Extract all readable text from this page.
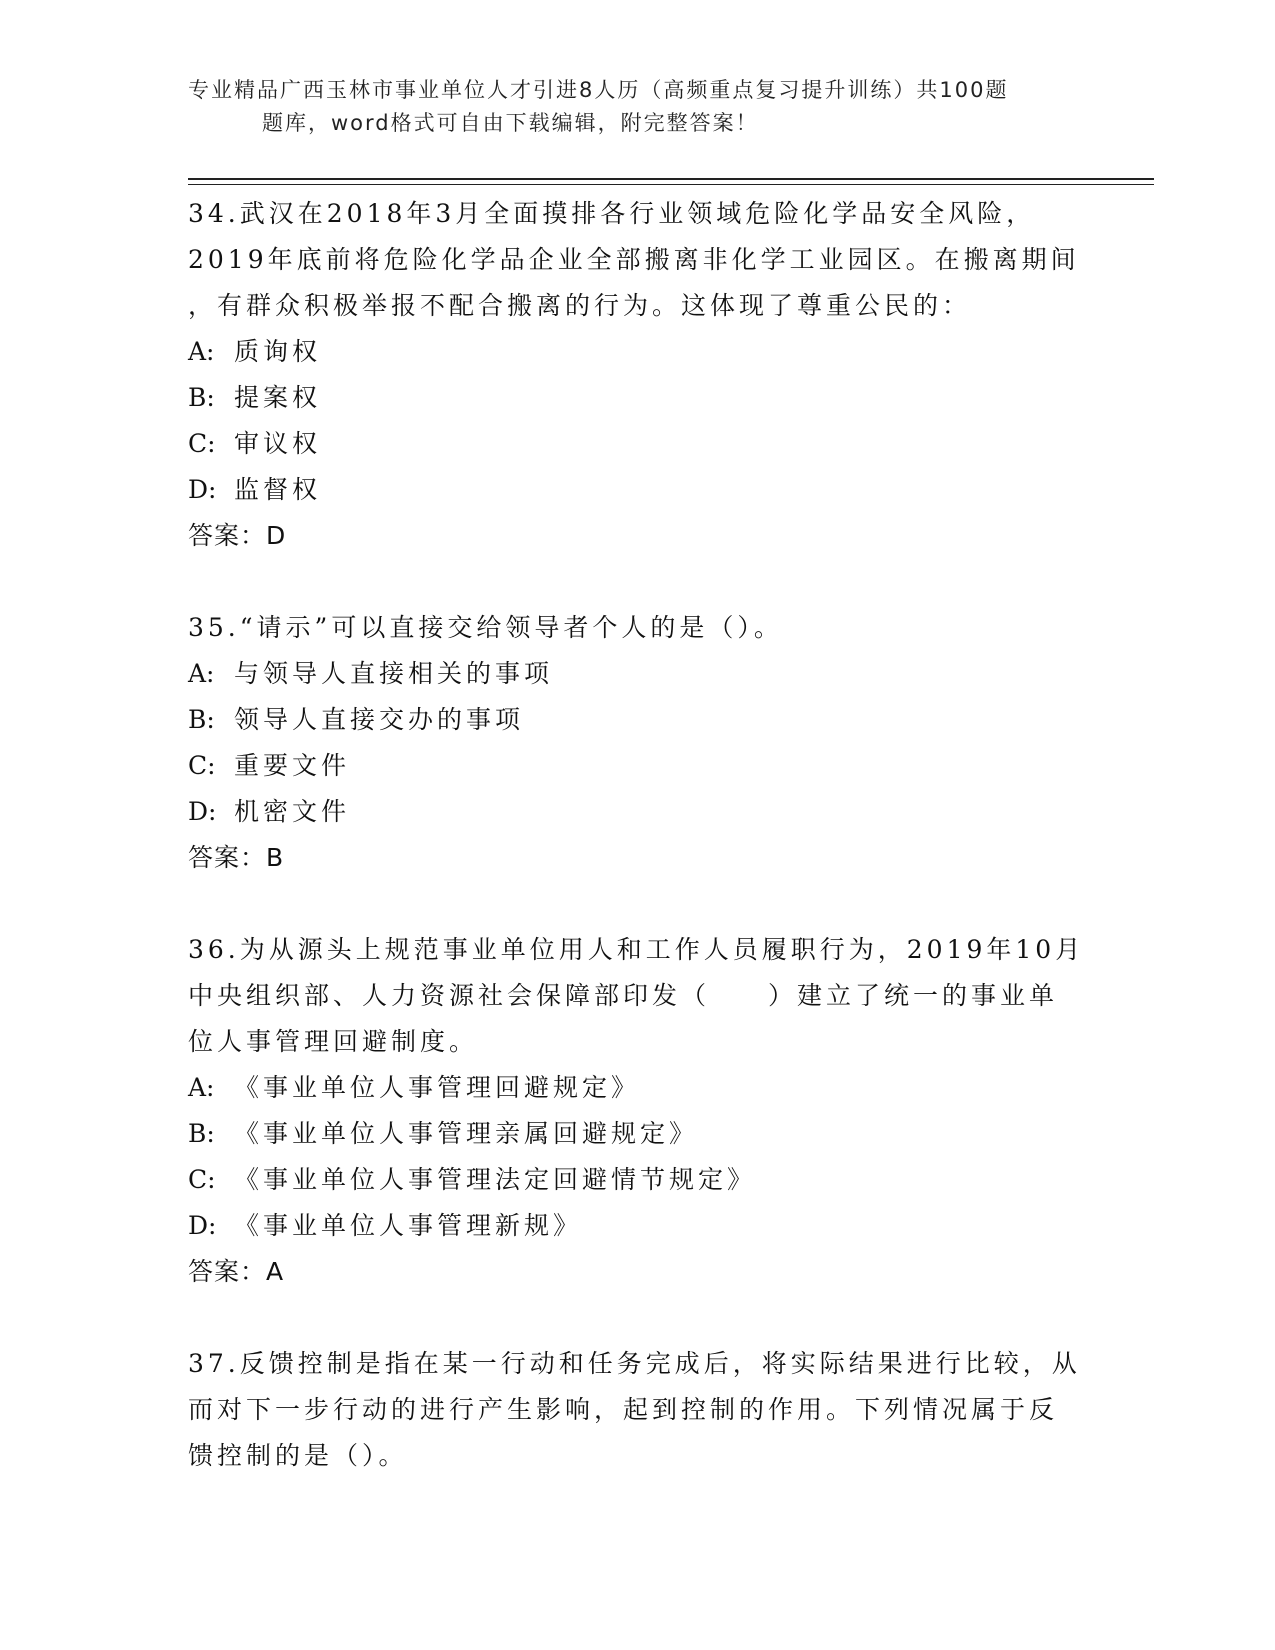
专业精品广西玉林市事业单位人才引进8人历（高频重点复习提升训练）共100题
题库，word格式可自由下载编辑，附完整答案！
34.武汉在2018年3月全面摸排各行业领域危险化学品安全风险，
2019年底前将危险化学品企业全部搬离非化学工业园区。在搬离期间
，有群众积极举报不配合搬离的行为。这体现了尊重公民的：
A: 质询权
B: 提案权
C: 审议权
D: 监督权
答案：D
35.“请示”可以直接交给领导者个人的是（）。
A: 与领导人直接相关的事项
B: 领导人直接交办的事项
C: 重要文件
D: 机密文件
答案：B
36.为从源头上规范事业单位用人和工作人员履职行为，2019年10月
中央组织部、人力资源社会保障部印发（　　）建立了统一的事业单
位人事管理回避制度。
A: 《事业单位人事管理回避规定》
B: 《事业单位人事管理亲属回避规定》
C: 《事业单位人事管理法定回避情节规定》
D: 《事业单位人事管理新规》
答案：A
37.反馈控制是指在某一行动和任务完成后，将实际结果进行比较，从
而对下一步行动的进行产生影响，起到控制的作用。下列情况属于反
馈控制的是（）。
